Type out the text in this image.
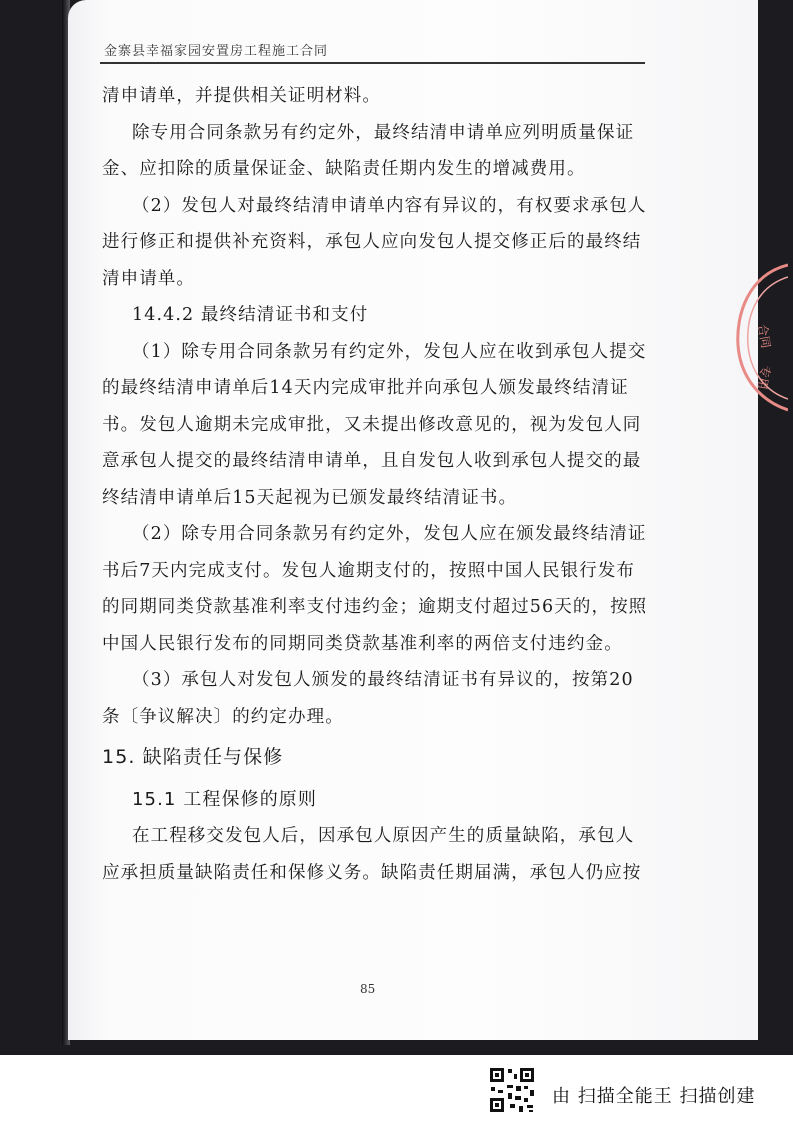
金寨县幸福家园安置房工程施工合同

清申请单，并提供相关证明材料。

除专用合同条款另有约定外，最终结清申请单应列明质量保证金、应扣除的质量保证金、缺陷责任期内发生的增减费用。

（2）发包人对最终结清申请单内容有异议的，有权要求承包人进行修正和提供补充资料，承包人应向发包人提交修正后的最终结清申请单。

14.4.2 最终结清证书和支付

（1）除专用合同条款另有约定外，发包人应在收到承包人提交的最终结清申请单后14天内完成审批并向承包人颁发最终结清证书。发包人逾期未完成审批，又未提出修改意见的，视为发包人同意承包人提交的最终结清申请单，且自发包人收到承包人提交的最终结清申请单后15天起视为已颁发最终结清证书。

（2）除专用合同条款另有约定外，发包人应在颁发最终结清证书后7天内完成支付。发包人逾期支付的，按照中国人民银行发布的同期同类贷款基准利率支付违约金；逾期支付超过56天的，按照中国人民银行发布的同期同类贷款基准利率的两倍支付违约金。

（3）承包人对发包人颁发的最终结清证书有异议的，按第20条〔争议解决〕的约定办理。

15. 缺陷责任与保修

15.1 工程保修的原则

在工程移交发包人后，因承包人原因产生的质量缺陷，承包人应承担质量缺陷责任和保修义务。缺陷责任期届满，承包人仍应按

85
合同
专用
由 扫描全能王 扫描创建
